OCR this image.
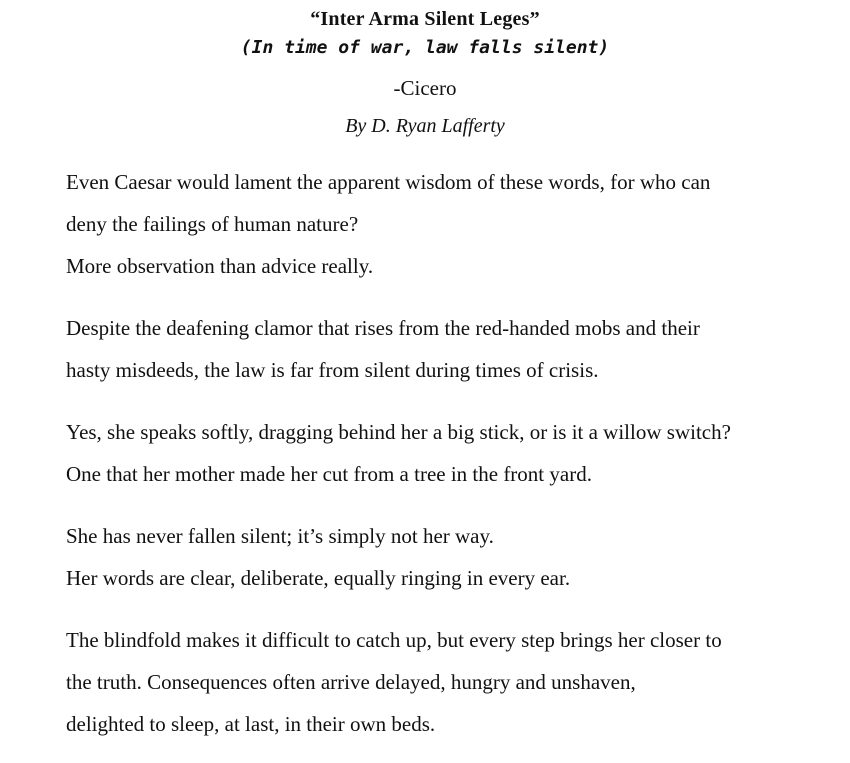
“Inter Arma Silent Leges”
(In time of war, law falls silent)
-Cicero
By D. Ryan Lafferty
Even Caesar would lament the apparent wisdom of these words, for who can
deny the failings of human nature?
More observation than advice really.
Despite the deafening clamor that rises from the red-handed mobs and their
hasty misdeeds, the law is far from silent during times of crisis.
Yes, she speaks softly, dragging behind her a big stick, or is it a willow switch?
One that her mother made her cut from a tree in the front yard.
She has never fallen silent; it’s simply not her way.
Her words are clear, deliberate, equally ringing in every ear.
The blindfold makes it difficult to catch up, but every step brings her closer to
the truth. Consequences often arrive delayed, hungry and unshaven,
delighted to sleep, at last, in their own beds.
